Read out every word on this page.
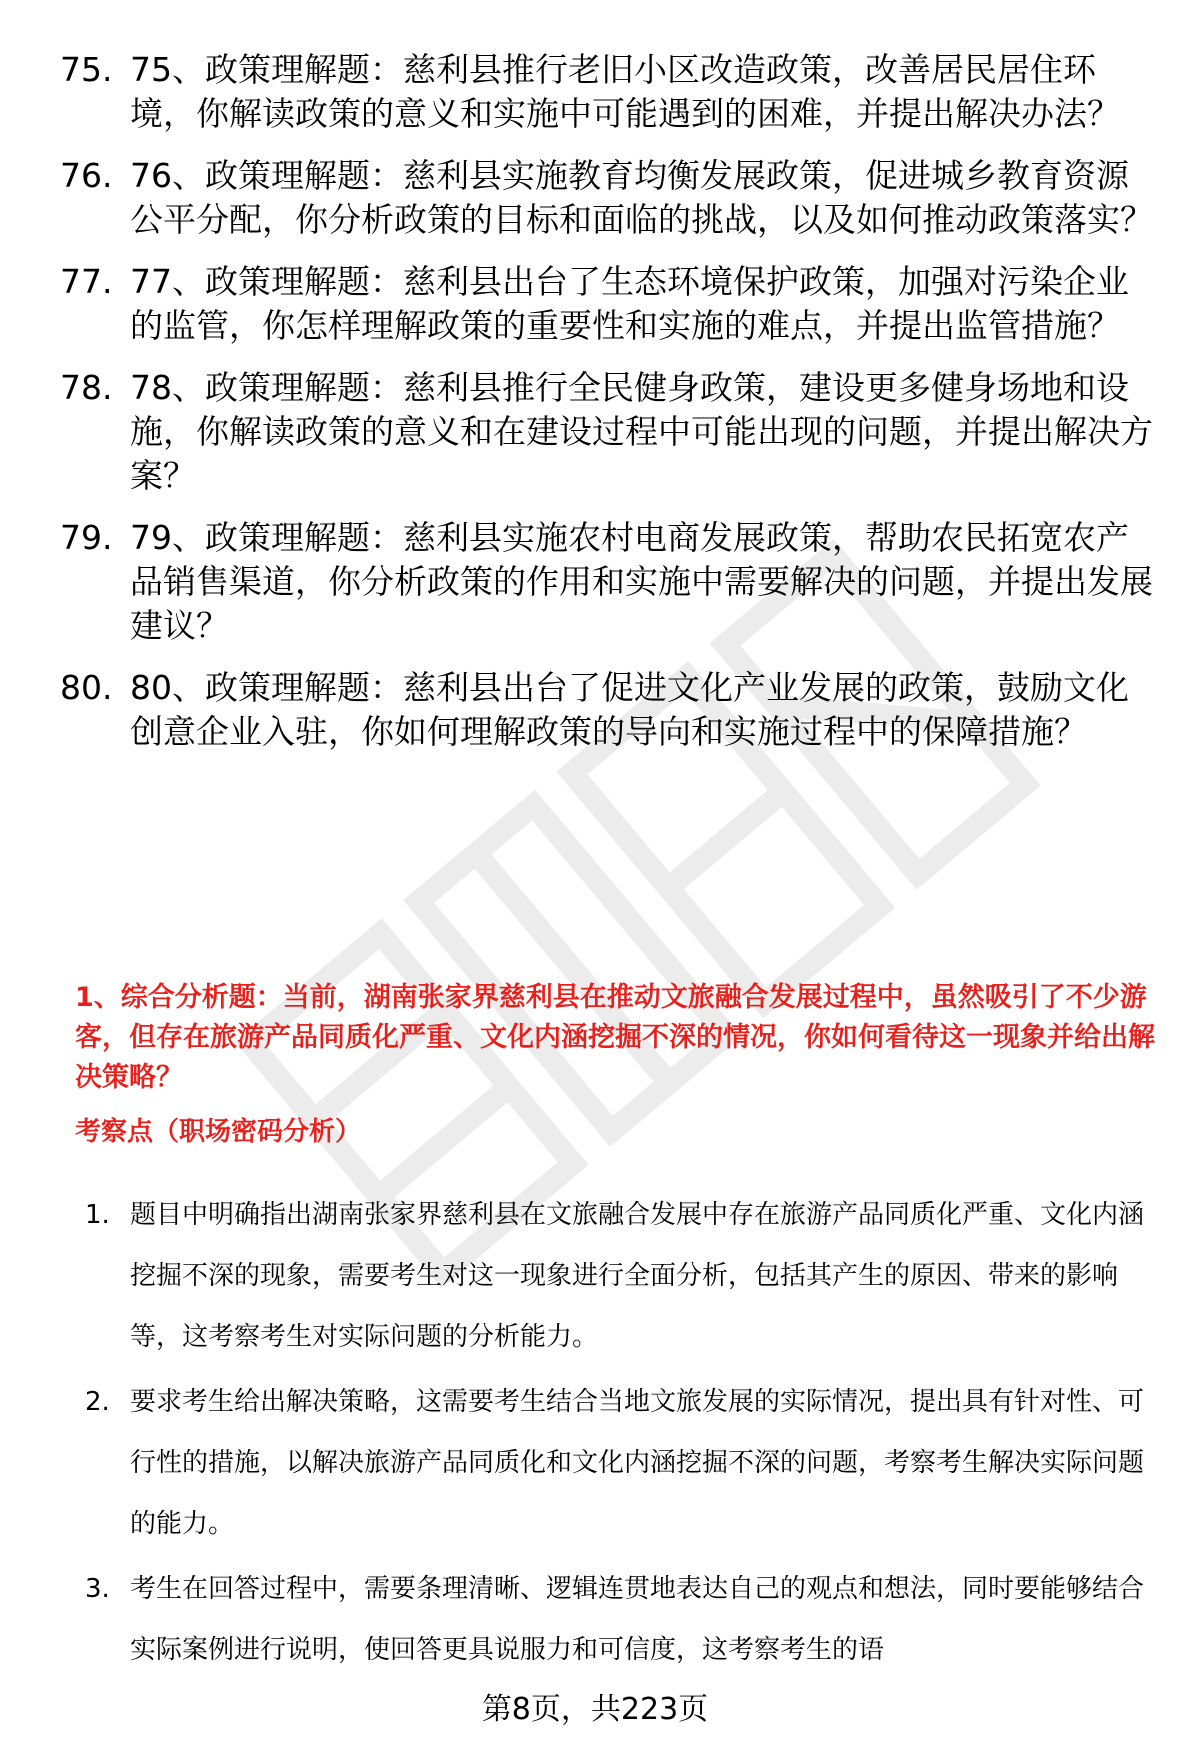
75. 75、政策理解题：慈利县推行老旧小区改造政策，改善居民居住环境，你解读政策的意义和实施中可能遇到的困难，并提出解决办法？
76. 76、政策理解题：慈利县实施教育均衡发展政策，促进城乡教育资源公平分配，你分析政策的目标和面临的挑战，以及如何推动政策落实？
77. 77、政策理解题：慈利县出台了生态环境保护政策，加强对污染企业的监管，你怎样理解政策的重要性和实施的难点，并提出监管措施？
78. 78、政策理解题：慈利县推行全民健身政策，建设更多健身场地和设施，你解读政策的意义和在建设过程中可能出现的问题，并提出解决方案？
79. 79、政策理解题：慈利县实施农村电商发展政策，帮助农民拓宽农产品销售渠道，你分析政策的作用和实施中需要解决的问题，并提出发展建议？
80. 80、政策理解题：慈利县出台了促进文化产业发展的政策，鼓励文化创意企业入驻，你如何理解政策的导向和实施过程中的保障措施？
1、综合分析题：当前，湖南张家界慈利县在推动文旅融合发展过程中，虽然吸引了不少游客，但存在旅游产品同质化严重、文化内涵挖掘不深的情况，你如何看待这一现象并给出解决策略？
考察点（职场密码分析）
1. 题目中明确指出湖南张家界慈利县在文旅融合发展中存在旅游产品同质化严重、文化内涵挖掘不深的现象，需要考生对这一现象进行全面分析，包括其产生的原因、带来的影响等，这考察考生对实际问题的分析能力。
2. 要求考生给出解决策略，这需要考生结合当地文旅发展的实际情况，提出具有针对性、可行性的措施，以解决旅游产品同质化和文化内涵挖掘不深的问题，考察考生解决实际问题的能力。
3. 考生在回答过程中，需要条理清晰、逻辑连贯地表达自己的观点和想法，同时要能够结合实际案例进行说明，使回答更具说服力和可信度，这考察考生的语
第8页，共223页
